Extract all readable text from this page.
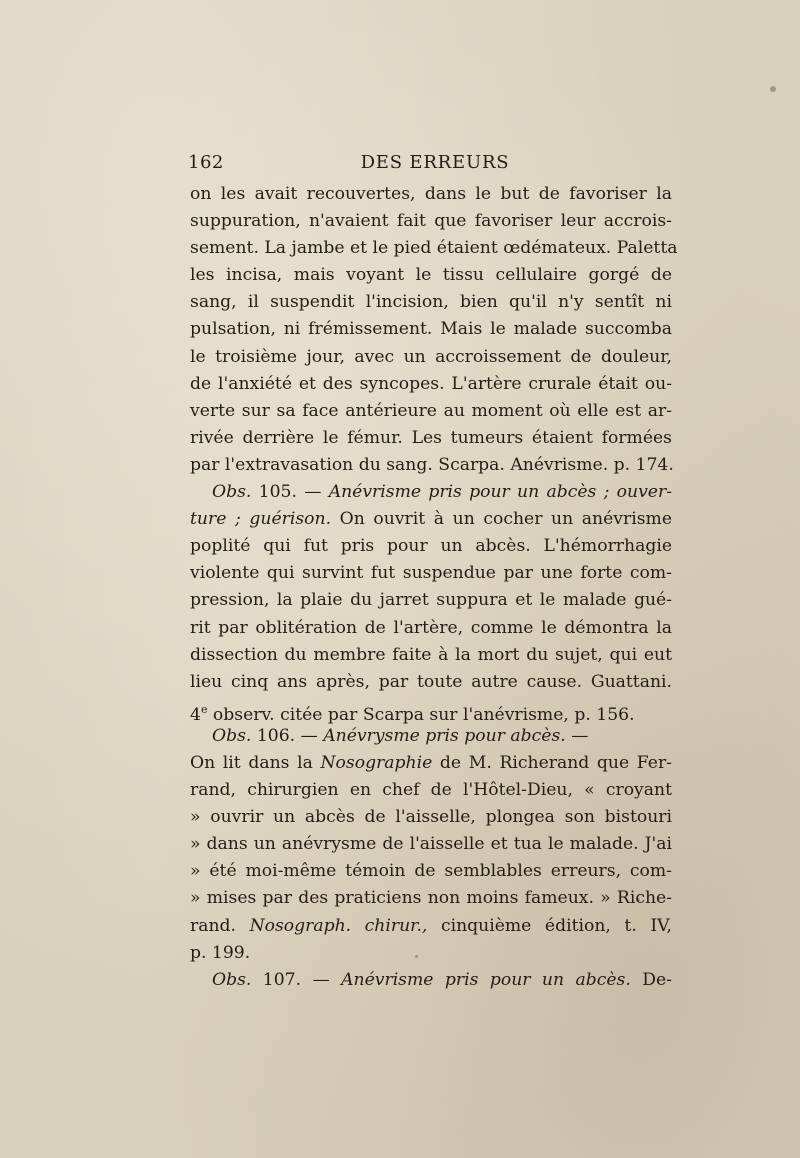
162	DES ERREURS
on les avait recouvertes, dans le but de favoriser la
suppuration, n'avaient fait que favoriser leur accrois-
sement. La jambe et le pied étaient œdémateux. Paletta
les incisa, mais voyant le tissu cellulaire gorgé de
sang, il suspendit l'incision, bien qu'il n'y sentît ni
pulsation, ni frémissement. Mais le malade succomba
le troisième jour, avec un accroissement de douleur,
de l'anxiété et des syncopes. L'artère crurale était ou-
verte sur sa face antérieure au moment où elle est ar-
rivée derrière le fémur. Les tumeurs étaient formées
par l'extravasation du sang. Scarpa. Anévrisme. p. 174.
Obs. 105. — Anévrisme pris pour un abcès ; ouver-
ture ; guérison. On ouvrit à un cocher un anévrisme
poplité qui fut pris pour un abcès. L'hémorrhagie
violente qui survint fut suspendue par une forte com-
pression, la plaie du jarret suppura et le malade gué-
rit par oblitération de l'artère, comme le démontra la
dissection du membre faite à la mort du sujet, qui eut
lieu cinq ans après, par toute autre cause. Guattani.
4e observ. citée par Scarpa sur l'anévrisme, p. 156.
Obs. 106. — Anévrysme pris pour abcès. —
On lit dans la Nosographie de M. Richerand que Fer-
rand, chirurgien en chef de l'Hôtel-Dieu, « croyant
» ouvrir un abcès de l'aisselle, plongea son bistouri
» dans un anévrysme de l'aisselle et tua le malade. J'ai
» été moi-même témoin de semblables erreurs, com-
» mises par des praticiens non moins fameux. » Riche-
rand. Nosograph. chirur., cinquième édition, t. IV,
p. 199.
Obs. 107. — Anévrisme pris pour un abcès. De-
